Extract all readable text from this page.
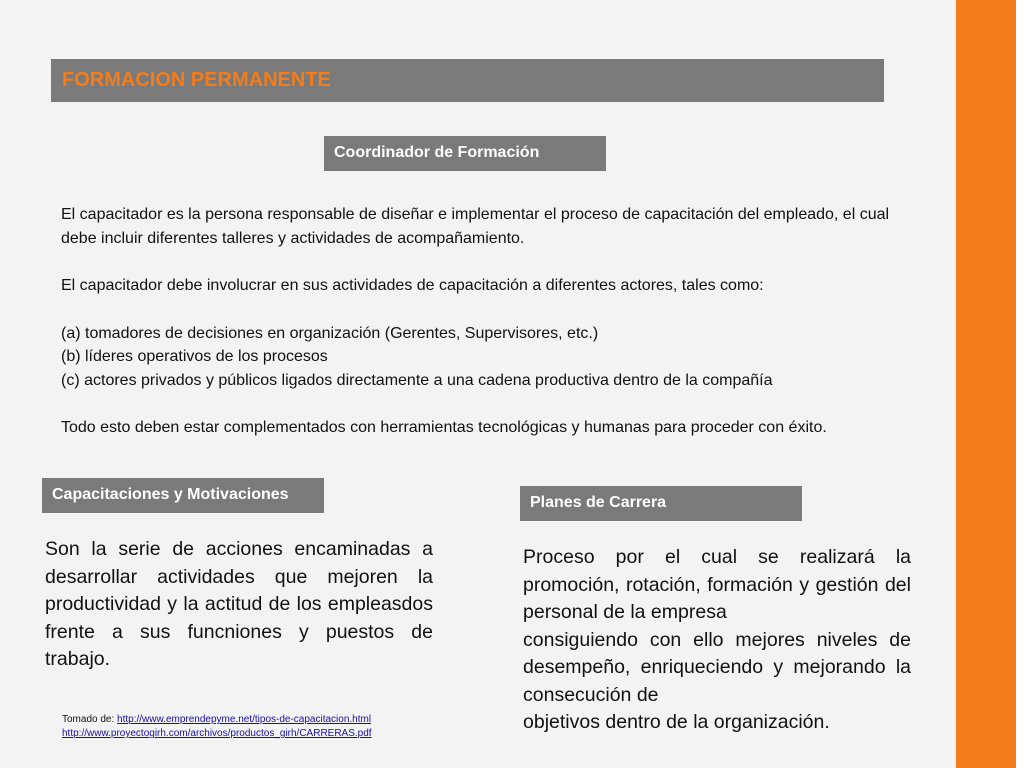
FORMACION PERMANENTE
Coordinador de Formación

El capacitador es la persona responsable de diseñar e implementar el proceso de capacitación del empleado, el cual debe incluir diferentes talleres y actividades de acompañamiento.

El capacitador debe involucrar en sus actividades de capacitación a diferentes actores, tales como:

(a) tomadores de decisiones en organización (Gerentes, Supervisores, etc.)

(b) líderes operativos de los procesos

(c) actores privados y públicos ligados directamente a una cadena productiva dentro de la compañía

Todo esto deben estar complementados con herramientas tecnológicas y humanas para proceder con éxito.

Capacitaciones y Motivaciones

Son la serie de acciones encaminadas a desarrollar actividades que mejoren la productividad y la actitud de los empleasdos frente a sus funcniones y puestos de trabajo.

Planes de Carrera

Proceso por el cual se realizará la promoción, rotación, formación y gestión del personal de la empresa

consiguiendo con ello mejores niveles de desempeño, enriqueciendo y mejorando la consecución de

objetivos dentro de la organización.

Tomado de: http://www.emprendepyme.net/tipos-de-capacitacion.html
http://www.proyectogirh.com/archivos/productos_girh/CARRERAS.pdf
